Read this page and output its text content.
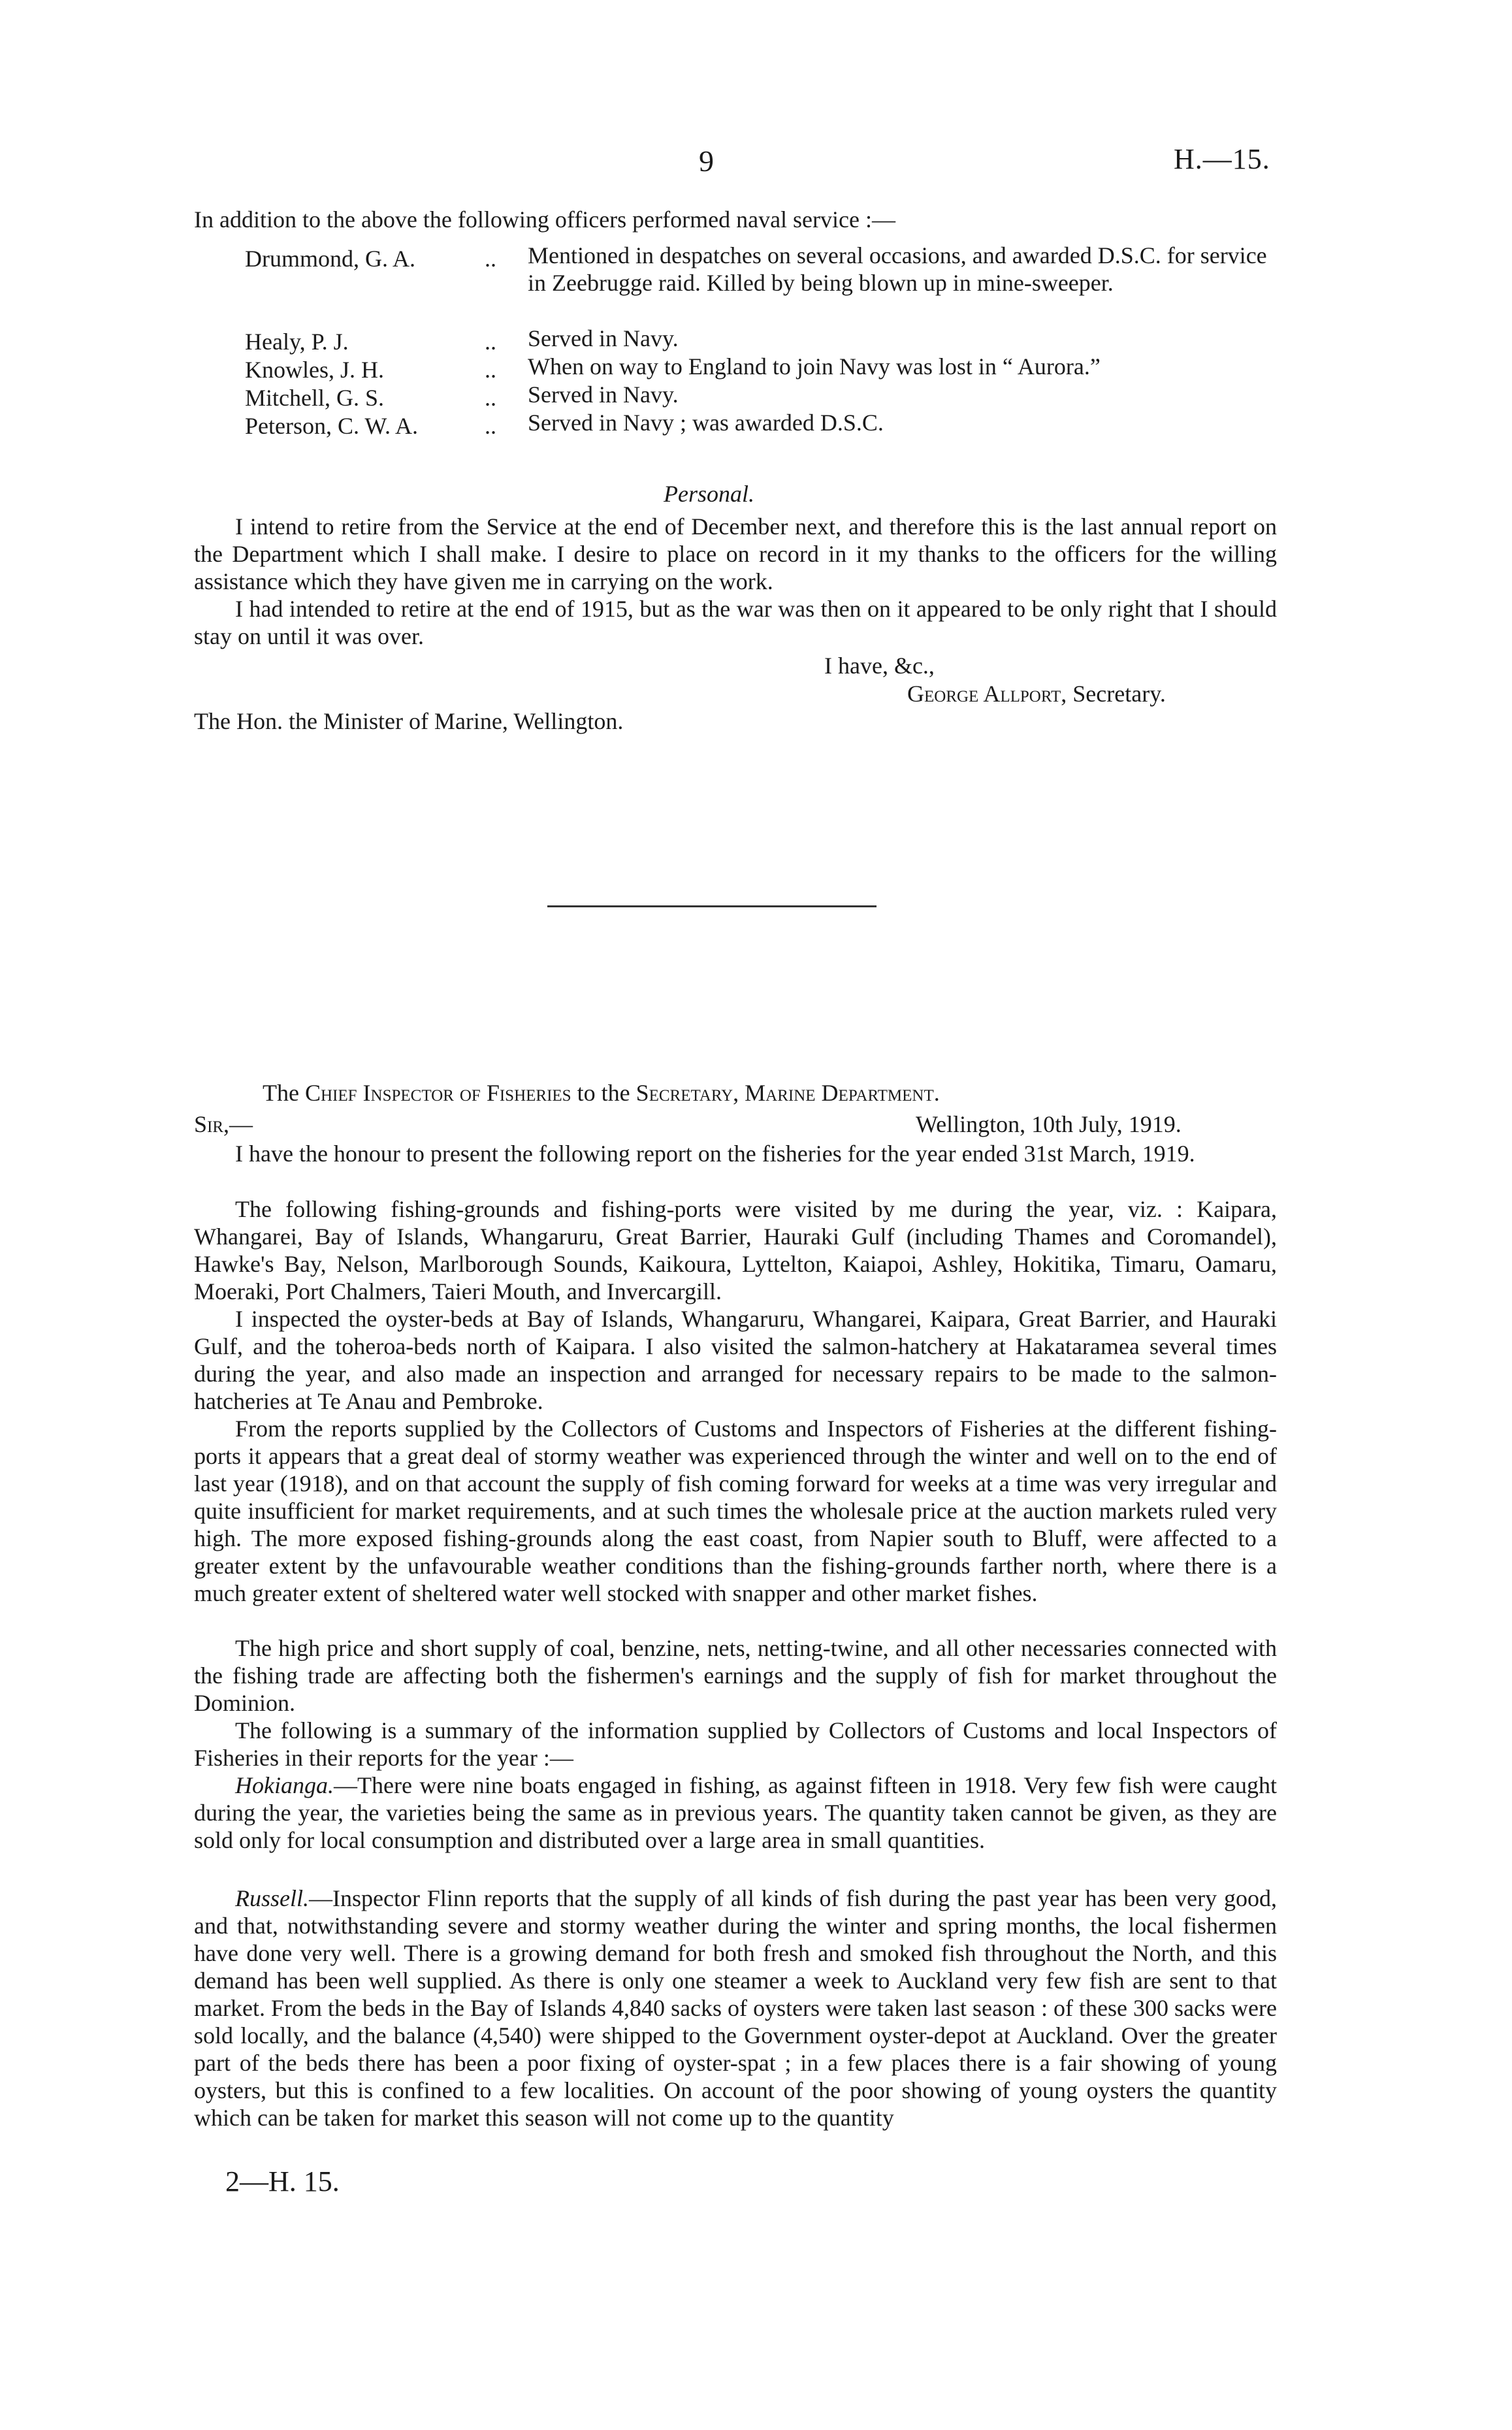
9	H.—15.
In addition to the above the following officers performed naval service :—
Drummond, G. A.	.. Mentioned in despatches on several occasions, and awarded D.S.C. for service in Zeebrugge raid. Killed by being blown up in mine-sweeper.
Healy, P. J.	.. Served in Navy.
Knowles, J. H.	.. When on way to England to join Navy was lost in “ Aurora.”
Mitchell, G. S.	.. Served in Navy.
Peterson, C. W. A.	.. Served in Navy ; was awarded D.S.C.
Personal.
I intend to retire from the Service at the end of December next, and therefore this is the last annual report on the Department which I shall make. I desire to place on record in it my thanks to the officers for the willing assistance which they have given me in carrying on the work.
I had intended to retire at the end of 1915, but as the war was then on it appeared to be only right that I should stay on until it was over.
I have, &c.,
George Allport, Secretary.
The Hon. the Minister of Marine, Wellington.
The Chief Inspector of Fisheries to the Secretary, Marine Department.
Sir,—	Wellington, 10th July, 1919.
I have the honour to present the following report on the fisheries for the year ended 31st March, 1919.
The following fishing-grounds and fishing-ports were visited by me during the year, viz. : Kaipara, Whangarei, Bay of Islands, Whangaruru, Great Barrier, Hauraki Gulf (including Thames and Coromandel), Hawke's Bay, Nelson, Marlborough Sounds, Kaikoura, Lyttelton, Kaiapoi, Ashley, Hokitika, Timaru, Oamaru, Moeraki, Port Chalmers, Taieri Mouth, and Invercargill.
I inspected the oyster-beds at Bay of Islands, Whangaruru, Whangarei, Kaipara, Great Barrier, and Hauraki Gulf, and the toheroa-beds north of Kaipara. I also visited the salmon-hatchery at Hakataramea several times during the year, and also made an inspection and arranged for necessary repairs to be made to the salmon-hatcheries at Te Anau and Pembroke.
From the reports supplied by the Collectors of Customs and Inspectors of Fisheries at the different fishing-ports it appears that a great deal of stormy weather was experienced through the winter and well on to the end of last year (1918), and on that account the supply of fish coming forward for weeks at a time was very irregular and quite insufficient for market requirements, and at such times the wholesale price at the auction markets ruled very high. The more exposed fishing-grounds along the east coast, from Napier south to Bluff, were affected to a greater extent by the unfavourable weather conditions than the fishing-grounds farther north, where there is a much greater extent of sheltered water well stocked with snapper and other market fishes.
The high price and short supply of coal, benzine, nets, netting-twine, and all other necessaries connected with the fishing trade are affecting both the fishermen's earnings and the supply of fish for market throughout the Dominion.
The following is a summary of the information supplied by Collectors of Customs and local Inspectors of Fisheries in their reports for the year :—
Hokianga.—There were nine boats engaged in fishing, as against fifteen in 1918. Very few fish were caught during the year, the varieties being the same as in previous years. The quantity taken cannot be given, as they are sold only for local consumption and distributed over a large area in small quantities.
Russell.—Inspector Flinn reports that the supply of all kinds of fish during the past year has been very good, and that, notwithstanding severe and stormy weather during the winter and spring months, the local fishermen have done very well. There is a growing demand for both fresh and smoked fish throughout the North, and this demand has been well supplied. As there is only one steamer a week to Auckland very few fish are sent to that market. From the beds in the Bay of Islands 4,840 sacks of oysters were taken last season : of these 300 sacks were sold locally, and the balance (4,540) were shipped to the Government oyster-depot at Auckland. Over the greater part of the beds there has been a poor fixing of oyster-spat ; in a few places there is a fair showing of young oysters, but this is confined to a few localities. On account of the poor showing of young oysters the quantity which can be taken for market this season will not come up to the quantity
2—H. 15.
